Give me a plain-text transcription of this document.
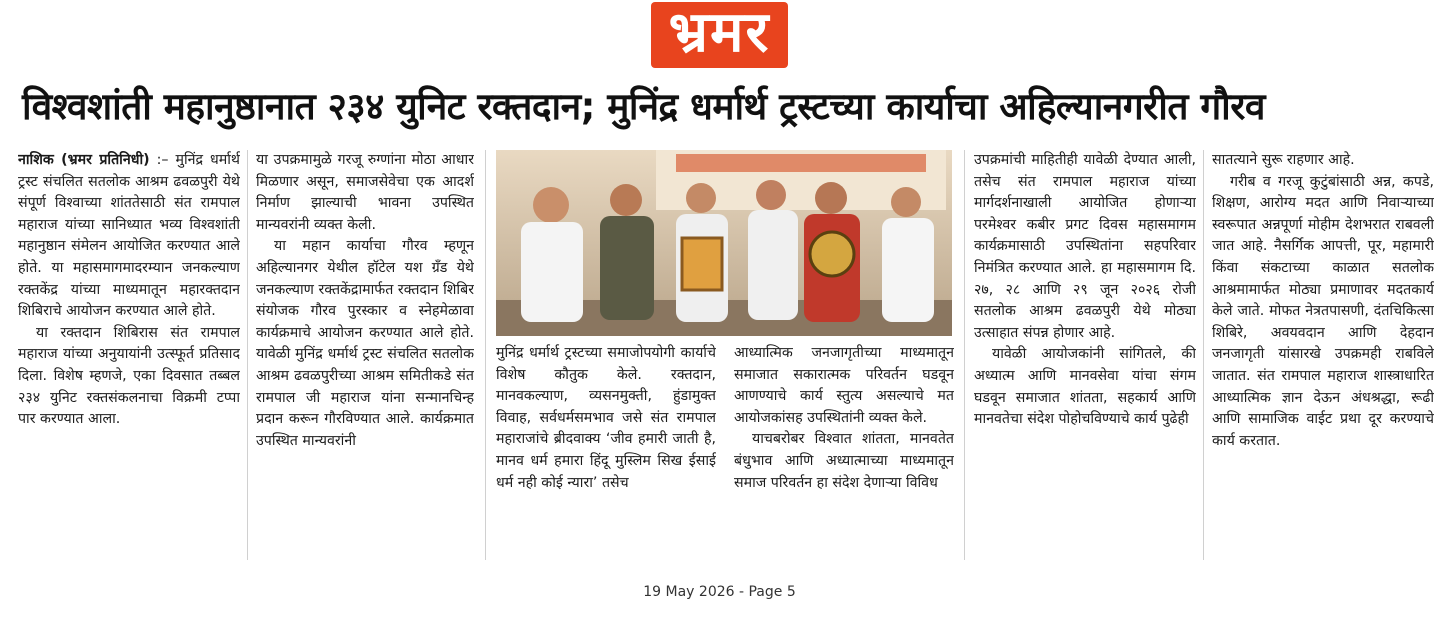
भ्रमर
विश्वशांती महानुष्ठानात २३४ युनिट रक्तदान; मुनिंद्र धर्मार्थ ट्रस्टच्या कार्याचा अहिल्यानगरीत गौरव

नाशिक (भ्रमर प्रतिनिधी) :– मुनिंद्र धर्मार्थ ट्रस्ट संचलित सतलोक आश्रम ढवळपुरी येथे संपूर्ण विश्वाच्या शांततेसाठी संत रामपाल महाराज यांच्या सानिध्यात भव्य विश्वशांती महानुष्ठान संमेलन आयोजित करण्यात आले होते. या महासमागमादरम्यान जनकल्याण रक्तकेंद्र यांच्या माध्यमातून महारक्तदान शिबिराचे आयोजन करण्यात आले होते.

या रक्तदान शिबिरास संत रामपाल महाराज यांच्या अनुयायांनी उत्स्फूर्त प्रतिसाद दिला. विशेष म्हणजे, एका दिवसात तब्बल २३४ युनिट रक्तसंकलनाचा विक्रमी टप्पा पार करण्यात आला.

या उपक्रमामुळे गरजू रुग्णांना मोठा आधार मिळणार असून, समाजसेवेचा एक आदर्श निर्माण झाल्याची भावना उपस्थित मान्यवरांनी व्यक्त केली.

या महान कार्याचा गौरव म्हणून अहिल्यानगर येथील हॉटेल यश ग्रँड येथे जनकल्याण रक्तकेंद्रामार्फत रक्तदान शिबिर संयोजक गौरव पुरस्कार व स्नेहमेळावा कार्यक्रमाचे आयोजन करण्यात आले होते. यावेळी मुनिंद्र धर्मार्थ ट्रस्ट संचलित सतलोक आश्रम ढवळपुरीच्या आश्रम समितीकडे संत रामपाल जी महाराज यांना सन्मानचिन्ह प्रदान करून गौरविण्यात आले. कार्यक्रमात उपस्थित मान्यवरांनी

मुनिंद्र धर्मार्थ ट्रस्टच्या समाजोपयोगी कार्याचे विशेष कौतुक केले. रक्तदान, मानवकल्याण, व्यसनमुक्ती, हुंडामुक्त विवाह, सर्वधर्मसमभाव जसे संत रामपाल महाराजांचे ब्रीदवाक्य ‘जीव हमारी जाती है, मानव धर्म हमारा हिंदू मुस्लिम सिख ईसाई धर्म नही कोई न्यारा’ तसेच

आध्यात्मिक जनजागृतीच्या माध्यमातून समाजात सकारात्मक परिवर्तन घडवून आणण्याचे कार्य स्तुत्य असल्याचे मत आयोजकांसह उपस्थितांनी व्यक्त केले.

याचबरोबर विश्वात शांतता, मानवतेत बंधुभाव आणि अध्यात्माच्या माध्यमातून समाज परिवर्तन हा संदेश देणाऱ्या विविध

उपक्रमांची माहितीही यावेळी देण्यात आली, तसेच संत रामपाल महाराज यांच्या मार्गदर्शनाखाली आयोजित होणाऱ्या परमेश्वर कबीर प्रगट दिवस महासमागम कार्यक्रमासाठी उपस्थितांना सहपरिवार निमंत्रित करण्यात आले. हा महासमागम दि. २७, २८ आणि २९ जून २०२६ रोजी सतलोक आश्रम ढवळपुरी येथे मोठ्या उत्साहात संपन्न होणार आहे.

यावेळी आयोजकांनी सांगितले, की अध्यात्म आणि मानवसेवा यांचा संगम घडवून समाजात शांतता, सहकार्य आणि मानवतेचा संदेश पोहोचविण्याचे कार्य पुढेही

सातत्याने सुरू राहणार आहे.

गरीब व गरजू कुटुंबांसाठी अन्न, कपडे, शिक्षण, आरोग्य मदत आणि निवाऱ्याच्या स्वरूपात अन्नपूर्णा मोहीम देशभरात राबवली जात आहे. नैसर्गिक आपत्ती, पूर, महामारी किंवा संकटाच्या काळात सतलोक आश्रमामार्फत मोठ्या प्रमाणावर मदतकार्य केले जाते. मोफत नेत्रतपासणी, दंतचिकित्सा शिबिरे, अवयवदान आणि देहदान जनजागृती यांसारखे उपक्रमही राबविले जातात. संत रामपाल महाराज शास्त्राधारित आध्यात्मिक ज्ञान देऊन अंधश्रद्धा, रूढी आणि सामाजिक वाईट प्रथा दूर करण्याचे कार्य करतात.

19 May 2026 - Page 5
